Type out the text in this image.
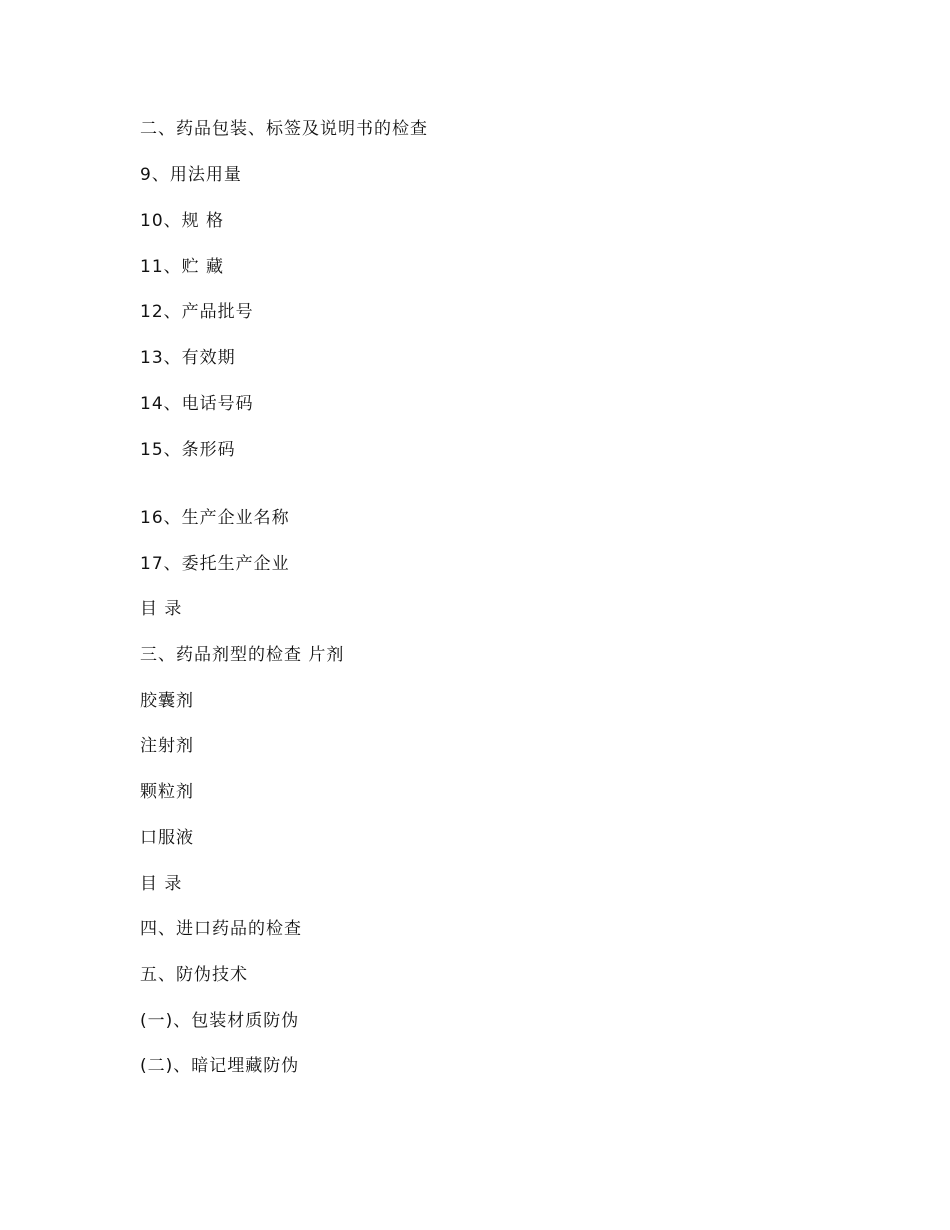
二、药品包装、标签及说明书的检查
9、用法用量
10、规 格
11、贮 藏
12、产品批号
13、有效期
14、电话号码
15、条形码
16、生产企业名称
17、委托生产企业
目 录
三、药品剂型的检查 片剂
胶囊剂
注射剂
颗粒剂
口服液
目 录
四、进口药品的检查
五、防伪技术
(一)、包装材质防伪
(二)、暗记埋藏防伪
